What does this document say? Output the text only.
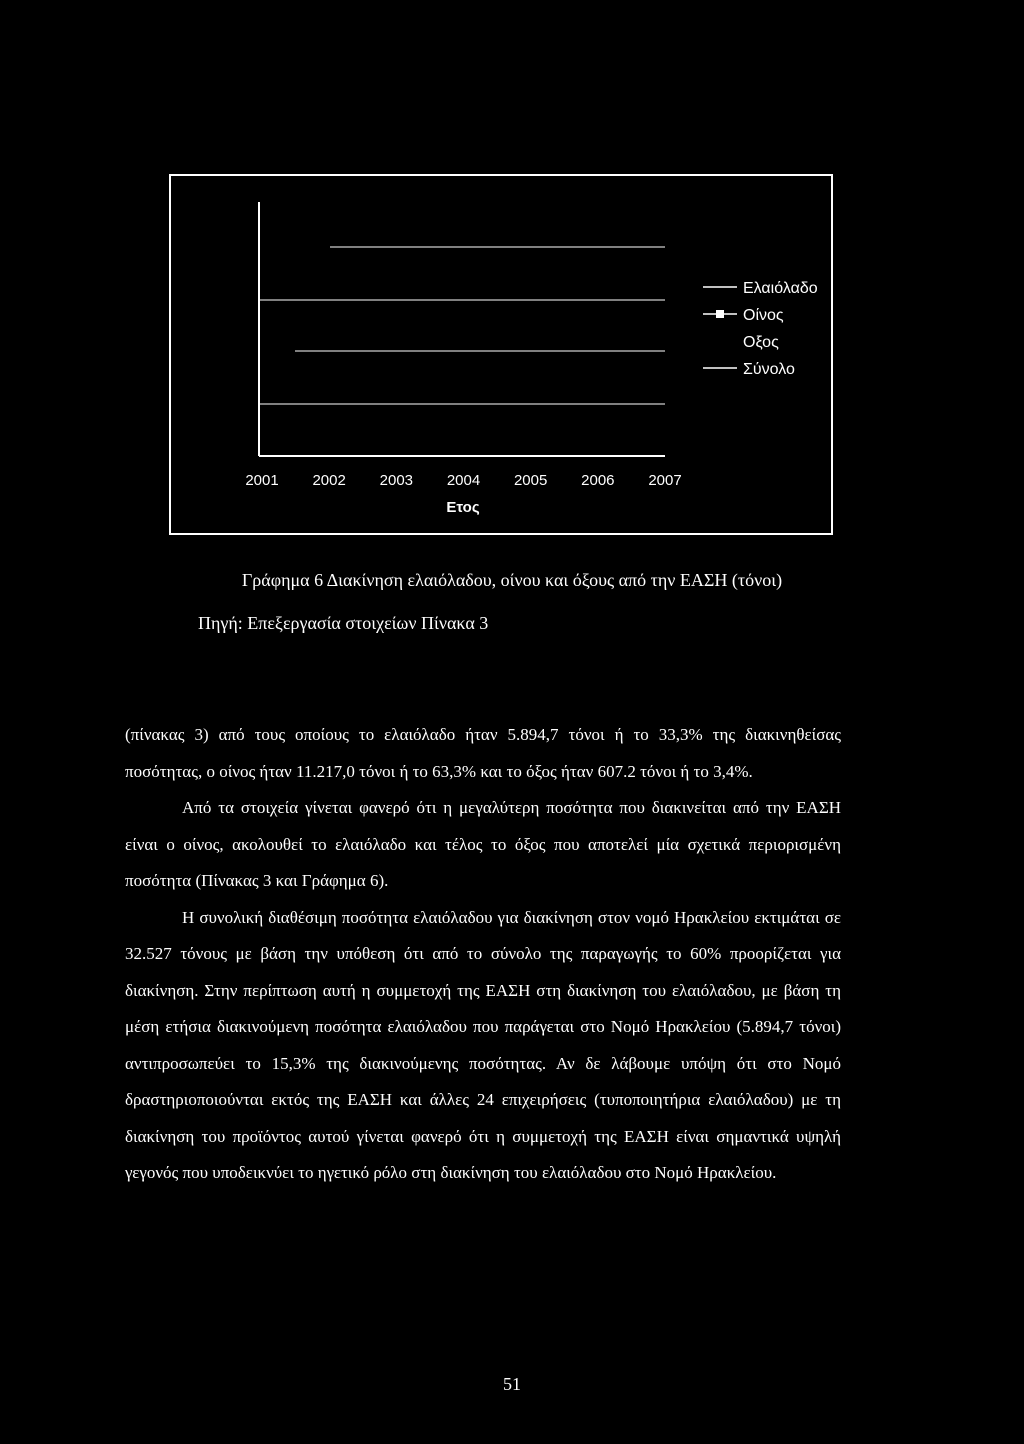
2001 2002 2003 2004 2005 2006 2007
Ετος
Ελαιόλαδο
Οίνος
Οξος
Σύνολο

Γράφημα 6 Διακίνηση ελαιόλαδου, οίνου και όξους από την ΕΑΣΗ (τόνοι)

Πηγή: Επεξεργασία στοιχείων Πίνακα 3

(πίνακας 3) από τους οποίους το ελαιόλαδο ήταν 5.894,7 τόνοι ή το 33,3% της διακινηθείσας ποσότητας, ο οίνος ήταν 11.217,0 τόνοι ή το 63,3% και το όξος ήταν 607.2 τόνοι ή το 3,4%.

Από τα στοιχεία γίνεται φανερό ότι η μεγαλύτερη ποσότητα που διακινείται από την ΕΑΣΗ είναι ο οίνος, ακολουθεί το ελαιόλαδο και τέλος το όξος που αποτελεί μία σχετικά περιορισμένη ποσότητα (Πίνακας 3 και Γράφημα 6).

Η συνολική διαθέσιμη ποσότητα ελαιόλαδου για διακίνηση στον νομό Ηρακλείου εκτιμάται σε 32.527 τόνους με βάση την υπόθεση ότι από το σύνολο της παραγωγής το 60% προορίζεται για διακίνηση. Στην περίπτωση αυτή η συμμετοχή της ΕΑΣΗ στη διακίνηση του ελαιόλαδου, με βάση τη μέση ετήσια διακινούμενη ποσότητα ελαιόλαδου που παράγεται στο Νομό Ηρακλείου (5.894,7 τόνοι) αντιπροσωπεύει το 15,3% της διακινούμενης ποσότητας. Αν δε λάβουμε υπόψη ότι στο Νομό δραστηριοποιούνται εκτός της ΕΑΣΗ και άλλες 24 επιχειρήσεις (τυποποιητήρια ελαιόλαδου) με τη διακίνηση του προϊόντος αυτού γίνεται φανερό ότι η συμμετοχή της ΕΑΣΗ είναι σημαντικά υψηλή γεγονός που υποδεικνύει το ηγετικό ρόλο στη διακίνηση του ελαιόλαδου στο Νομό Ηρακλείου.

51
